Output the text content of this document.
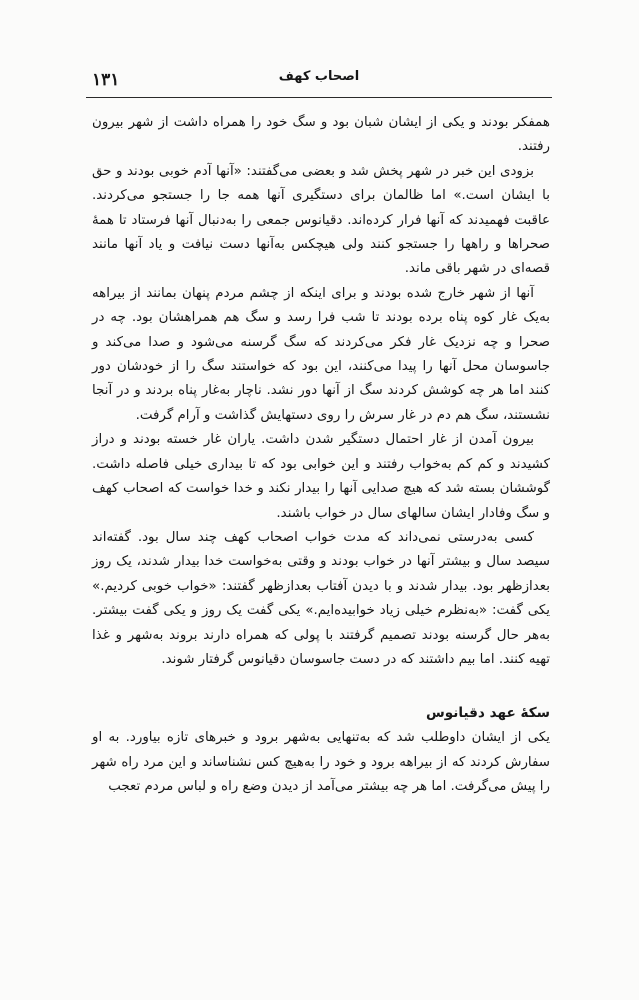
۱۳۱	اصحاب کهف

همفکر بودند و یکی از ایشان شبان بود و سگ خود را همراه داشت از شهر بیرون رفتند.

بزودی این خبر در شهر پخش شد و بعضی می‌گفتند: «آنها آدم خوبی بودند و حق با ایشان است.» اما ظالمان برای دستگیری آنها همه جا را جستجو می‌کردند. عاقبت فهمیدند که آنها فرار کرده‌اند. دقیانوس جمعی را به‌دنبال آنها فرستاد تا همهٔ صحراها و راهها را جستجو کنند ولی هیچکس به‌آنها دست نیافت و یاد آنها مانند قصه‌ای در شهر باقی ماند.

آنها از شهر خارج شده بودند و برای اینکه از چشم مردم پنهان بمانند از بیراهه به‌یک غار کوه پناه برده بودند تا شب فرا رسد و سگ هم همراهشان بود. چه در صحرا و چه نزدیک غار فکر می‌کردند که سگ گرسنه می‌شود و صدا می‌کند و جاسوسان محل آنها را پیدا می‌کنند، این بود که خواستند سگ را از خودشان دور کنند اما هر چه کوشش کردند سگ از آنها دور نشد. ناچار به‌غار پناه بردند و در آنجا نشستند، سگ هم دم در غار سرش را روی دستهایش گذاشت و آرام گرفت.

بیرون آمدن از غار احتمال دستگیر شدن داشت. یاران غار خسته بودند و دراز کشیدند و کم کم به‌خواب رفتند و این خوابی بود که تا بیداری خیلی فاصله داشت. گوششان بسته شد که هیچ صدایی آنها را بیدار نکند و خدا خواست که اصحاب کهف و سگ وفادار ایشان سالهای سال در خواب باشند.

کسی به‌درستی نمی‌داند که مدت خواب اصحاب کهف چند سال بود. گفته‌اند سیصد سال و بیشتر آنها در خواب بودند و وقتی به‌خواست خدا بیدار شدند، یک روز بعدازظهر بود. بیدار شدند و با دیدن آفتاب بعدازظهر گفتند: «خواب خوبی کردیم.» یکی گفت: «به‌نظرم خیلی زیاد خوابیده‌ایم.» یکی گفت یک روز و یکی گفت بیشتر. به‌هر حال گرسنه بودند تصمیم گرفتند با پولی که همراه دارند بروند به‌شهر و غذا تهیه کنند. اما بیم داشتند که در دست جاسوسان دقیانوس گرفتار شوند.

سکهٔ عهد دقیانوس

یکی از ایشان داوطلب شد که به‌تنهایی به‌شهر برود و خبرهای تازه بیاورد. به او سفارش کردند که از بیراهه برود و خود را به‌هیچ کس نشناساند و این مرد راه شهر را پیش می‌گرفت. اما هر چه بیشتر می‌آمد از دیدن وضع راه و لباس مردم تعجب
